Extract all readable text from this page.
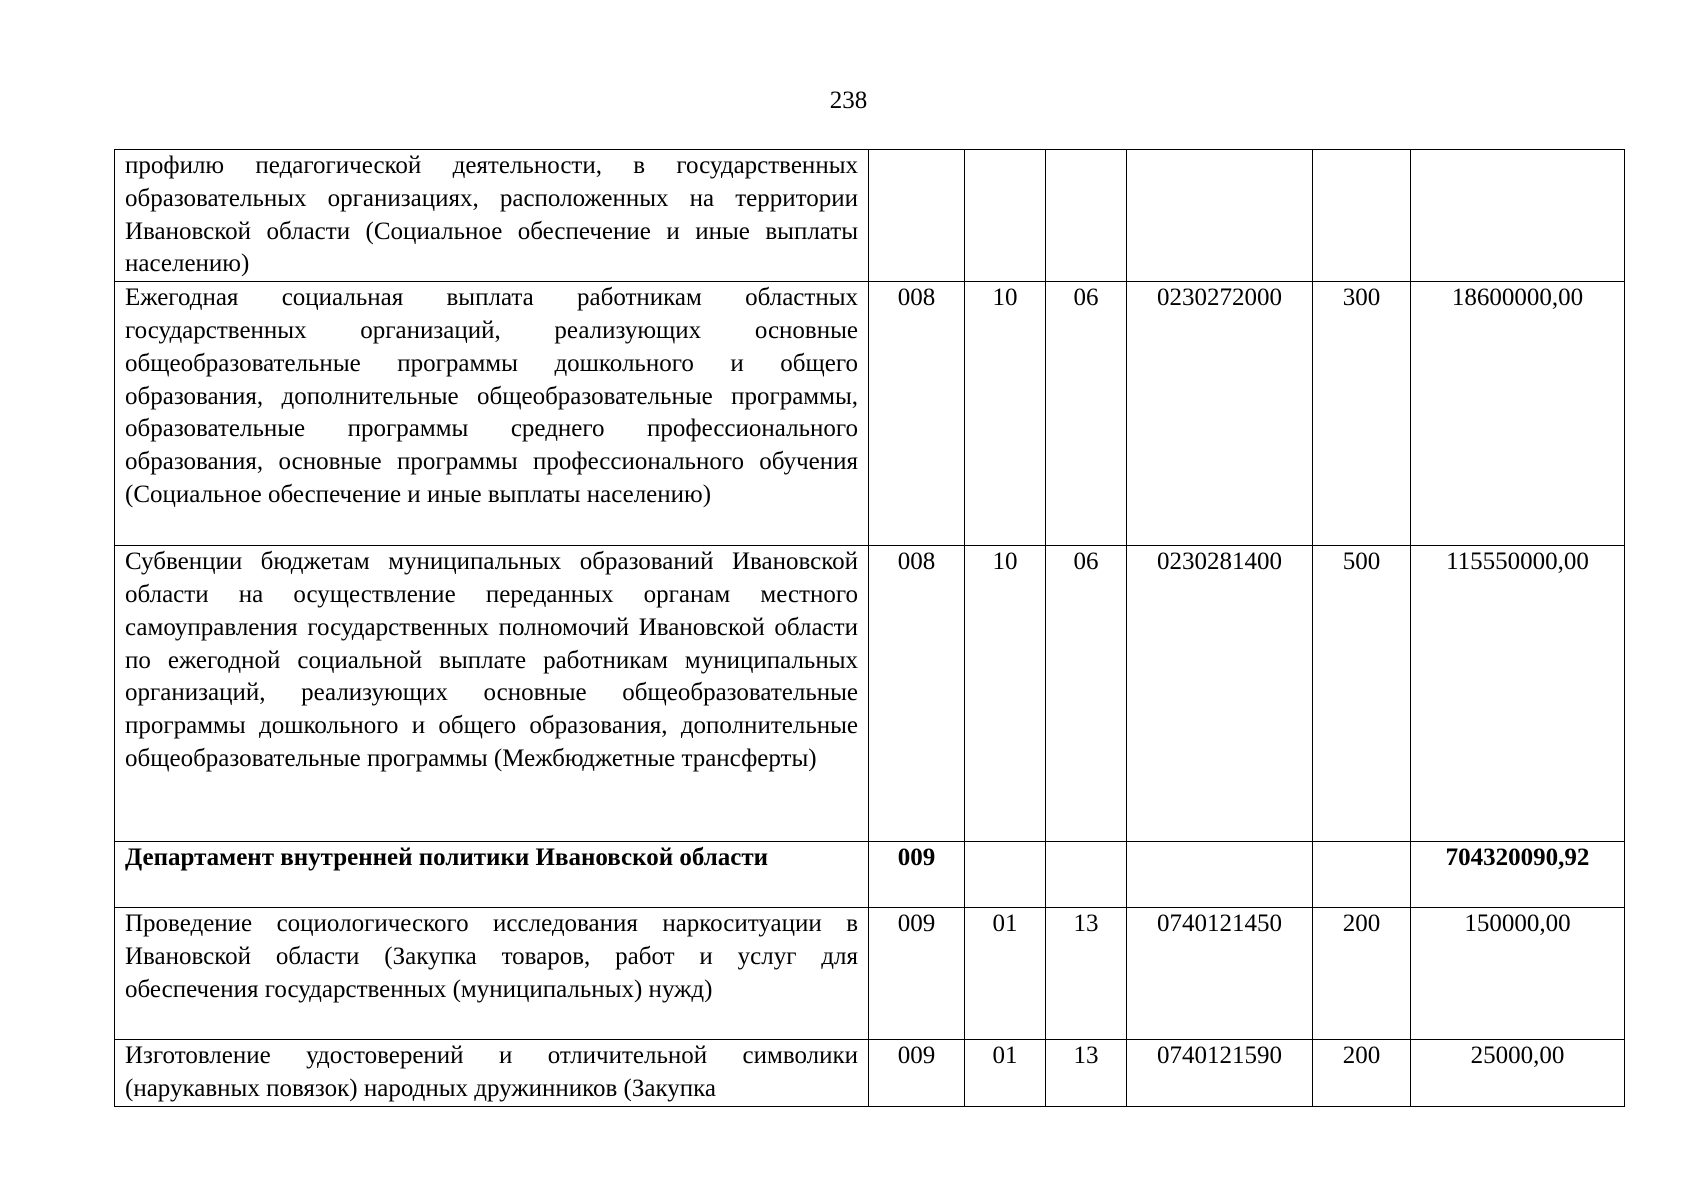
238
профилю педагогической деятельности, в государственных образовательных организациях, расположенных на территории Ивановской области (Социальное обеспечение и иные выплаты населению)						
Ежегодная социальная выплата работникам областных государственных организаций, реализующих основные общеобразовательные программы дошкольного и общего образования, дополнительные общеобразовательные программы, образовательные программы среднего профессионального образования, основные программы профессионального обучения (Социальное обеспечение и иные выплаты населению)	008	10	06	0230272000	300	18600000,00
Субвенции бюджетам муниципальных образований Ивановской области на осуществление переданных органам местного самоуправления государственных полномочий Ивановской области по ежегодной социальной выплате работникам муниципальных организаций, реализующих основные общеобразовательные программы дошкольного и общего образования, дополнительные общеобразовательные программы (Межбюджетные трансферты)	008	10	06	0230281400	500	115550000,00
Департамент внутренней политики Ивановской области	009					704320090,92
Проведение социологического исследования наркоситуации в Ивановской области (Закупка товаров, работ и услуг для обеспечения государственных (муниципальных) нужд)	009	01	13	0740121450	200	150000,00
Изготовление удостоверений и отличительной символики (нарукавных повязок) народных дружинников (Закупка	009	01	13	0740121590	200	25000,00
